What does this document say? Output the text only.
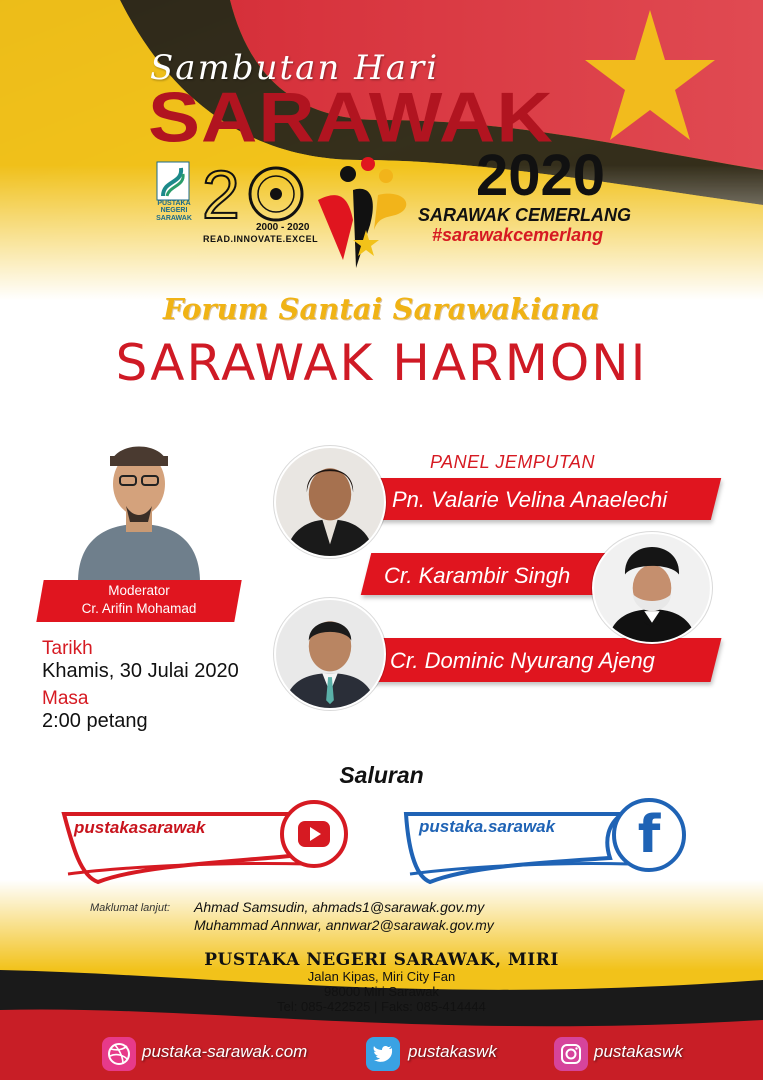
Sambutan Hari
SARAWAK
2020
SARAWAK CEMERLANG
#sarawakcemerlang
PUSTAKA NEGERI SARAWAK 2 2000 - 2020
READ.INNOVATE.EXCEL
Forum Santai Sarawakiana
SARAWAK HARMONI
Moderator
Cr. Arifin Mohamad
PANEL JEMPUTAN
Pn. Valarie Velina Anaelechi
Cr. Karambir Singh
Cr. Dominic Nyurang Ajeng
Tarikh
Khamis, 30 Julai 2020
Masa
2:00 petang
Saluran
pustakasarawak	pustaka.sarawak	f
Maklumat lanjut: Ahmad Samsudin, ahmads1@sarawak.gov.my
Muhammad Annwar, annwar2@sarawak.gov.my
PUSTAKA NEGERI SARAWAK, MIRI
Jalan Kipas, Miri City Fan
98000 Miri Sarawak
Tel: 085-422525 | Faks: 085-414444
pustaka-sarawak.com	pustakaswk	pustakaswk
